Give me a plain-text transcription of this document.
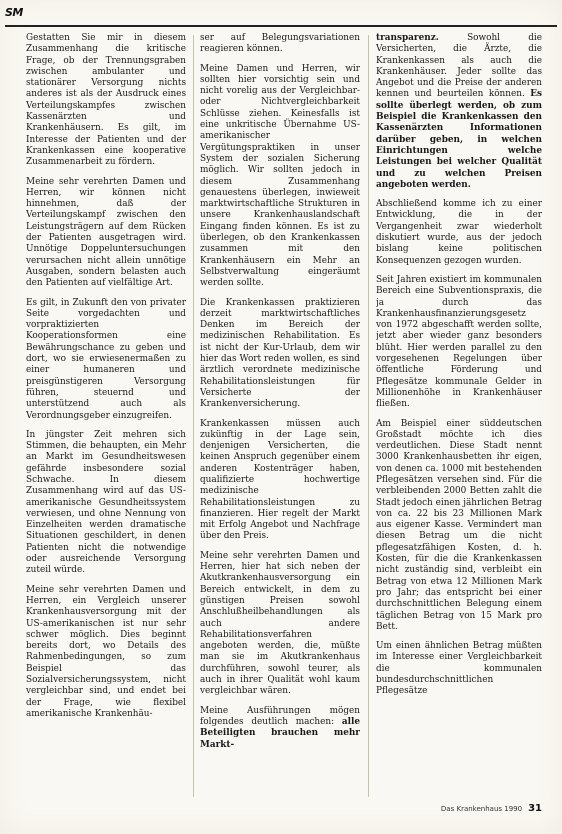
SM

Gestatten Sie mir in diesem Zusammenhang die kritische Frage, ob der Trennungsgraben zwischen ambulanter und stationärer Versorgung nichts anderes ist als der Ausdruck eines Verteilungskampfes zwischen Kassenärzten und Krankenhäusern. Es gilt, im Interesse der Patienten und der Krankenkassen eine kooperative Zusammenarbeit zu fördern.

Meine sehr verehrten Damen und Herren, wir können nicht hinnehmen, daß der Verteilungskampf zwischen den Leistungsträgern auf dem Rücken der Patienten ausgetragen wird. Unnötige Doppeluntersuchungen verursachen nicht allein unnötige Ausgaben, sondern belasten auch den Patienten auf vielfältige Art.

Es gilt, in Zukunft den von privater Seite vorgedachten und vorpraktizierten Kooperationsformen eine Bewährungschance zu geben und dort, wo sie erwiesenermaßen zu einer humaneren und preisgünstigeren Versorgung führen, steuernd und unterstützend auch als Verordnungsgeber einzugreifen.

In jüngster Zeit mehren sich Stimmen, die behaupten, ein Mehr an Markt im Gesundheitswesen gefährde insbesondere sozial Schwache. In diesem Zusammenhang wird auf das US-amerikanische Gesundheitssystem verwiesen, und ohne Nennung von Einzelheiten werden dramatische Situationen geschildert, in denen Patienten nicht die notwendige oder ausreichende Versorgung zuteil würde.

Meine sehr verehrten Damen und Herren, ein Vergleich unserer Krankenhausversorgung mit der US-amerikanischen ist nur sehr schwer möglich. Dies beginnt bereits dort, wo Details des Rahmenbedingungen, so zum Beispiel das Sozialversicherungssystem, nicht vergleichbar sind, und endet bei der Frage, wie flexibel amerikanische Krankenhäu-

ser auf Belegungsvariationen reagieren können.

Meine Damen und Herren, wir sollten hier vorsichtig sein und nicht vorelig aus der Vergleichbar- oder Nichtvergleichbarkeit Schlüsse ziehen. Keinesfalls ist eine unkritische Übernahme US-amerikanischer Vergütungspraktiken in unser System der sozialen Sicherung möglich. Wir sollten jedoch in diesem Zusammenhang genauestens überlegen, inwieweit marktwirtschaftliche Strukturen in unsere Krankenhauslandschaft Eingang finden können. Es ist zu überlegen, ob den Krankenkassen zusammen mit den Krankenhäusern ein Mehr an Selbstverwaltung eingeräumt werden sollte.

Die Krankenkassen praktizieren derzeit marktwirtschaftliches Denken im Bereich der medizinischen Rehabilitation. Es ist nicht der Kur-Urlaub, dem wir hier das Wort reden wollen, es sind ärztlich verordnete medizinische Rehabilitationsleistungen für Versicherte der Krankenversicherung.

Krankenkassen müssen auch zukünftig in der Lage sein, denjenigen Versicherten, die keinen Anspruch gegenüber einem anderen Kostenträger haben, qualifizierte hochwertige medizinische Rehabilitationsleistungen zu finanzieren. Hier regelt der Markt mit Erfolg Angebot und Nachfrage über den Preis.

Meine sehr verehrten Damen und Herren, hier hat sich neben der Akutkrankenhausversorgung ein Bereich entwickelt, in dem zu günstigen Preisen sowohl Anschlußheilbehandlungen als auch andere Rehabilitationsverfahren angeboten werden, die, müßte man sie im Akutkrankenhaus durchführen, sowohl teurer, als auch in ihrer Qualität wohl kaum vergleichbar wären.

Meine Ausführungen mögen folgendes deutlich machen: alle Beteiligten brauchen mehr Markt-

transparenz.	Sowohl die Versicherten, die Ärzte, die Krankenkassen als auch die Krankenhäuser. Jeder sollte das Angebot und die Preise der anderen kennen und beurteilen können. Es sollte überlegt werden, ob zum Beispiel die Krankenkassen den Kassenärzten Informationen darüber geben, in welchen Einrichtungen welche Leistungen bei welcher Qualität und zu welchen Preisen angeboten werden.

Abschließend komme ich zu einer Entwicklung, die in der Vergangenheit zwar wiederholt diskutiert wurde, aus der jedoch bislang keine politischen Konsequenzen gezogen wurden.

Seit Jahren existiert im kommunalen Bereich eine Subventionspraxis, die ja durch das Krankenhausfinanzierungsgesetz von 1972 abgeschafft werden sollte, jetzt aber wieder ganz besonders blüht. Hier werden parallel zu den vorgesehenen Regelungen über öffentliche Förderung und Pflegesätze kommunale Gelder in Millionenhöhe in Krankenhäuser fließen.

Am Beispiel einer süddeutschen Großstadt möchte ich dies verdeutlichen. Diese Stadt nennt 3000 Krankenhausbetten ihr eigen, von denen ca. 1000 mit bestehenden Pflegesätzen versehen sind. Für die verbleibenden 2000 Betten zahlt die Stadt jedoch einen jährlichen Betrag von ca. 22 bis 23 Millionen Mark aus eigener Kasse. Vermindert man diesen Betrag um die nicht pflegesatzfähigen Kosten, d. h. Kosten, für die die Krankenkassen nicht zuständig sind, verbleibt ein Betrag von etwa 12 Millionen Mark pro Jahr; das entspricht bei einer durchschnittlichen Belegung einem täglichen Betrag von 15 Mark pro Bett.

Um einen ähnlichen Betrag müßten im Interesse einer Vergleichbarkeit die kommunalen bundesdurchschnittlichen Pflegesätze

Das Krankenhaus 1990 31
